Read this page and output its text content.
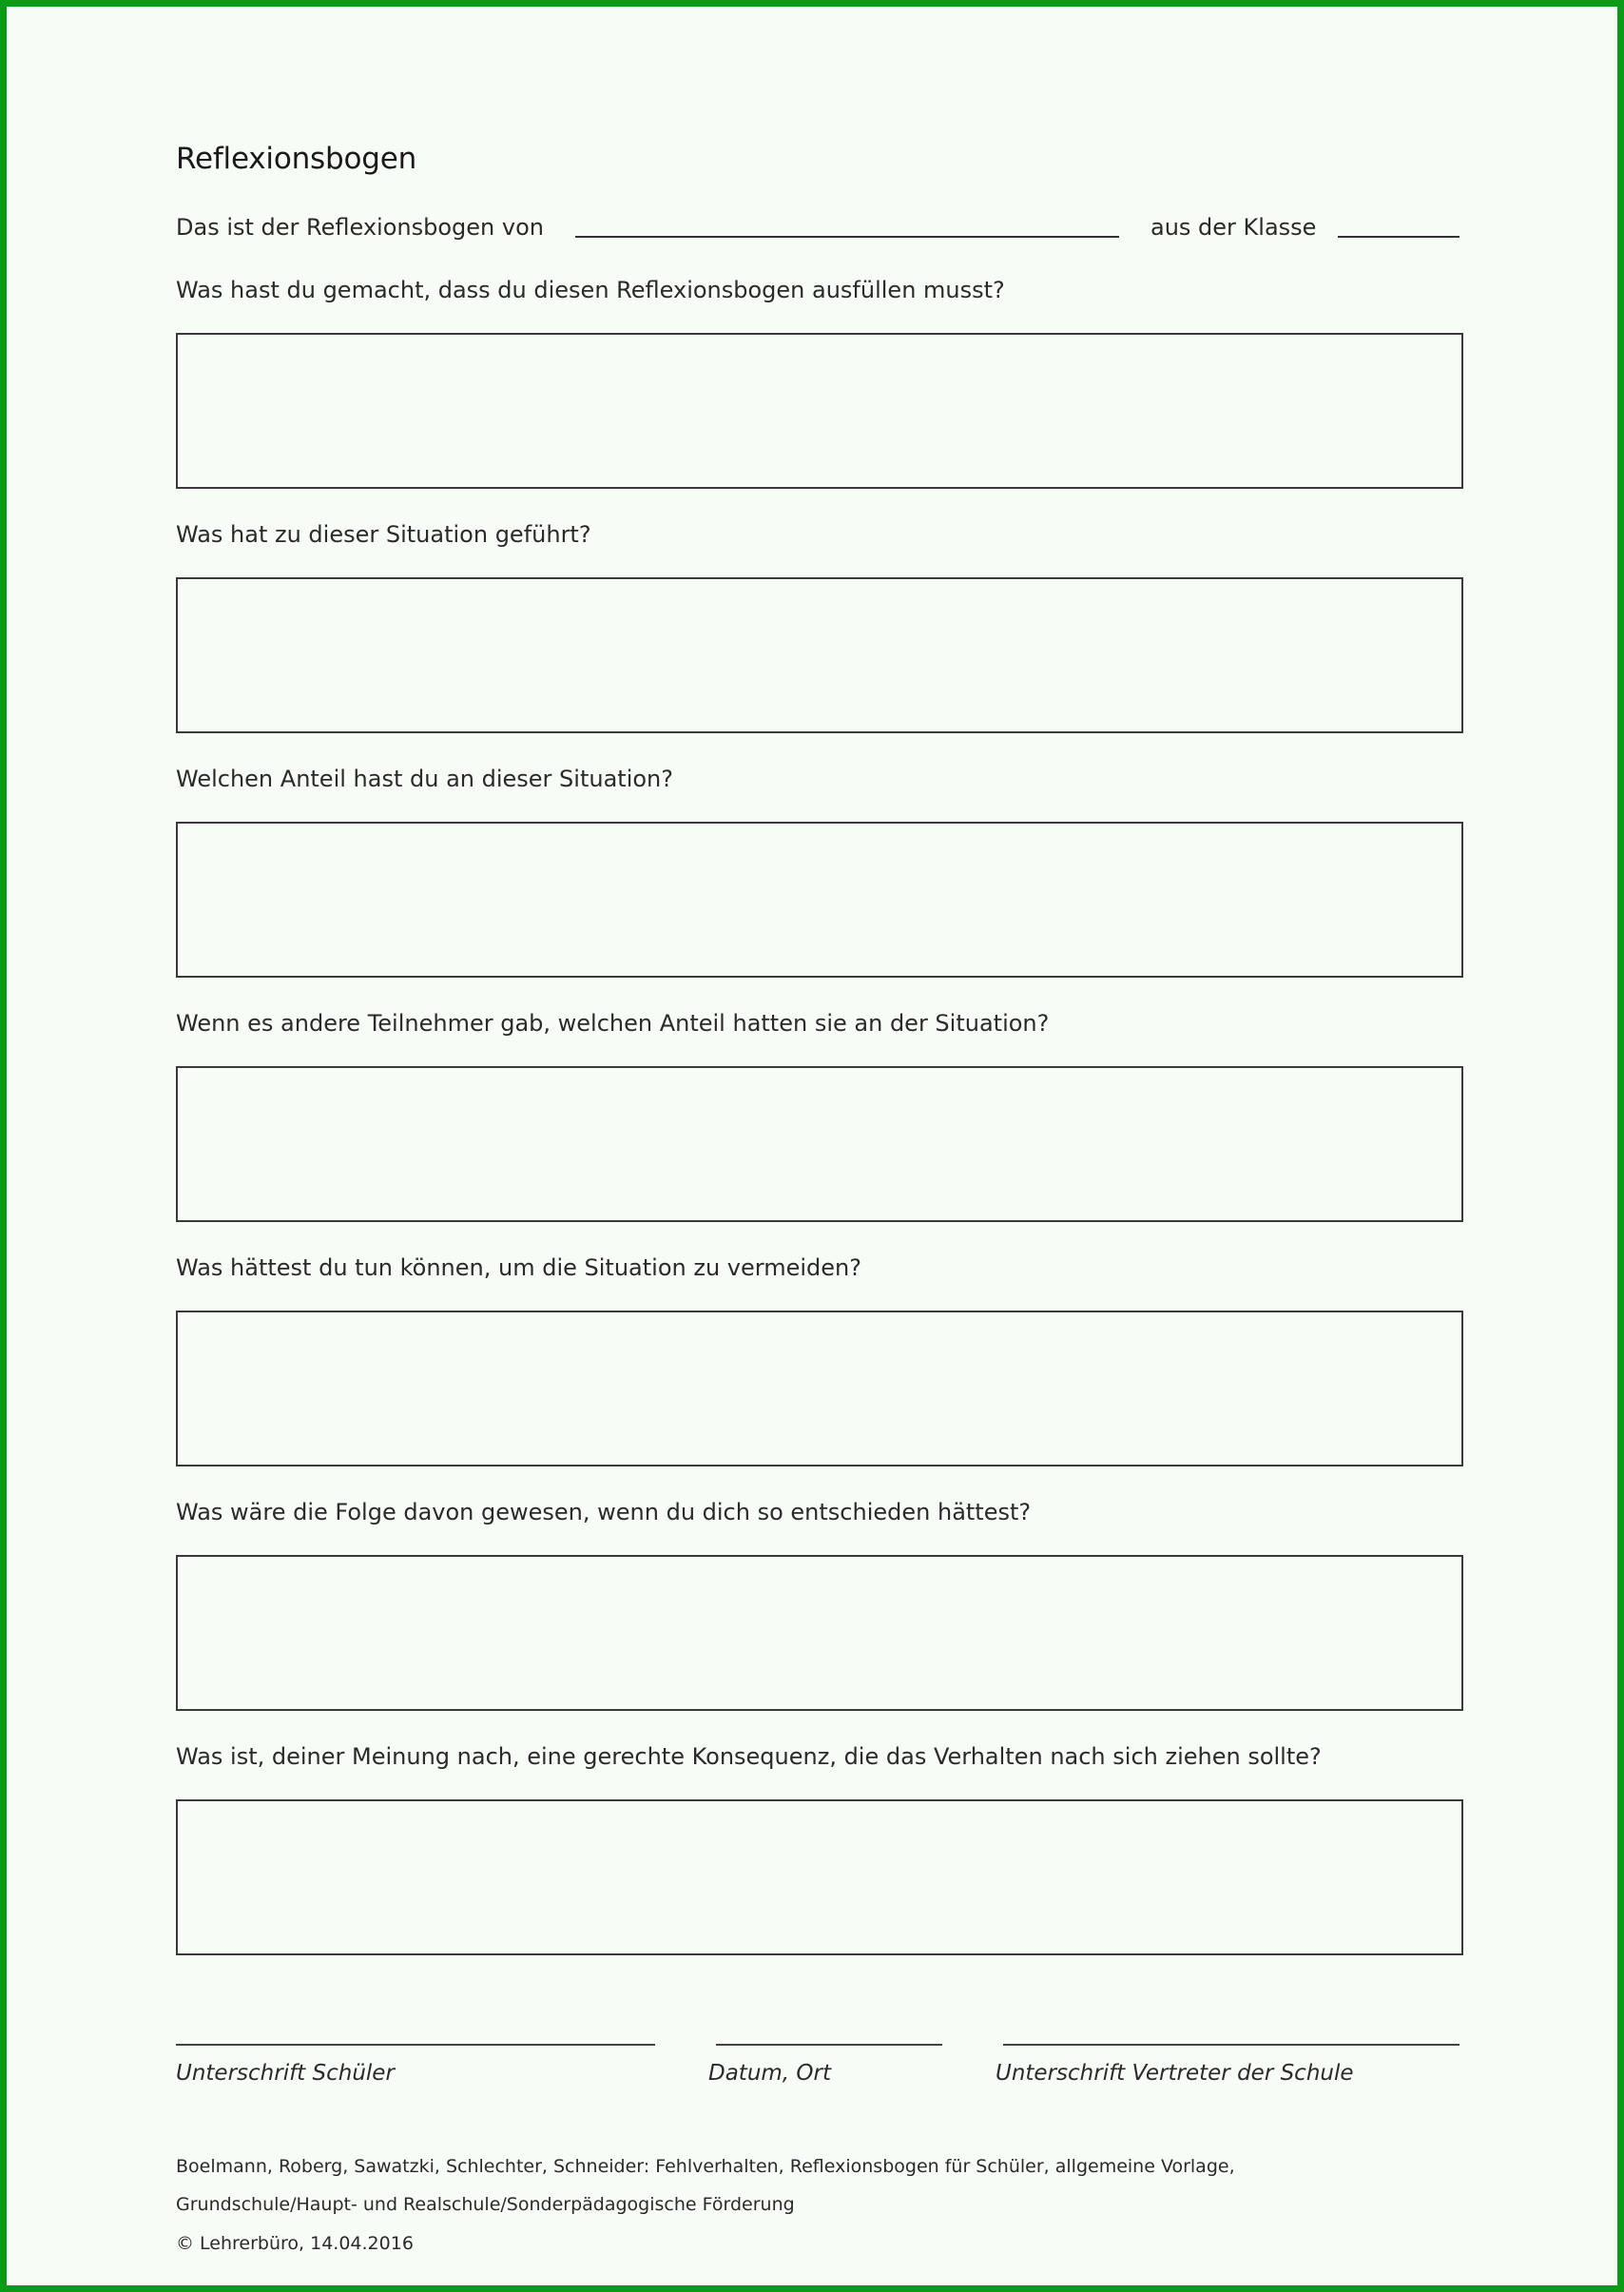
Reflexionsbogen
Das ist der Reflexionsbogen von	aus der Klasse
Was hast du gemacht, dass du diesen Reflexionsbogen ausfüllen musst?
Was hat zu dieser Situation geführt?
Welchen Anteil hast du an dieser Situation?
Wenn es andere Teilnehmer gab, welchen Anteil hatten sie an der Situation?
Was hättest du tun können, um die Situation zu vermeiden?
Was wäre die Folge davon gewesen, wenn du dich so entschieden hättest?
Was ist, deiner Meinung nach, eine gerechte Konsequenz, die das Verhalten nach sich ziehen sollte?
Unterschrift Schüler	Datum, Ort	Unterschrift Vertreter der Schule
Boelmann, Roberg, Sawatzki, Schlechter, Schneider: Fehlverhalten, Reflexionsbogen für Schüler, allgemeine Vorlage,
Grundschule/Haupt- und Realschule/Sonderpädagogische Förderung
© Lehrerbüro, 14.04.2016
